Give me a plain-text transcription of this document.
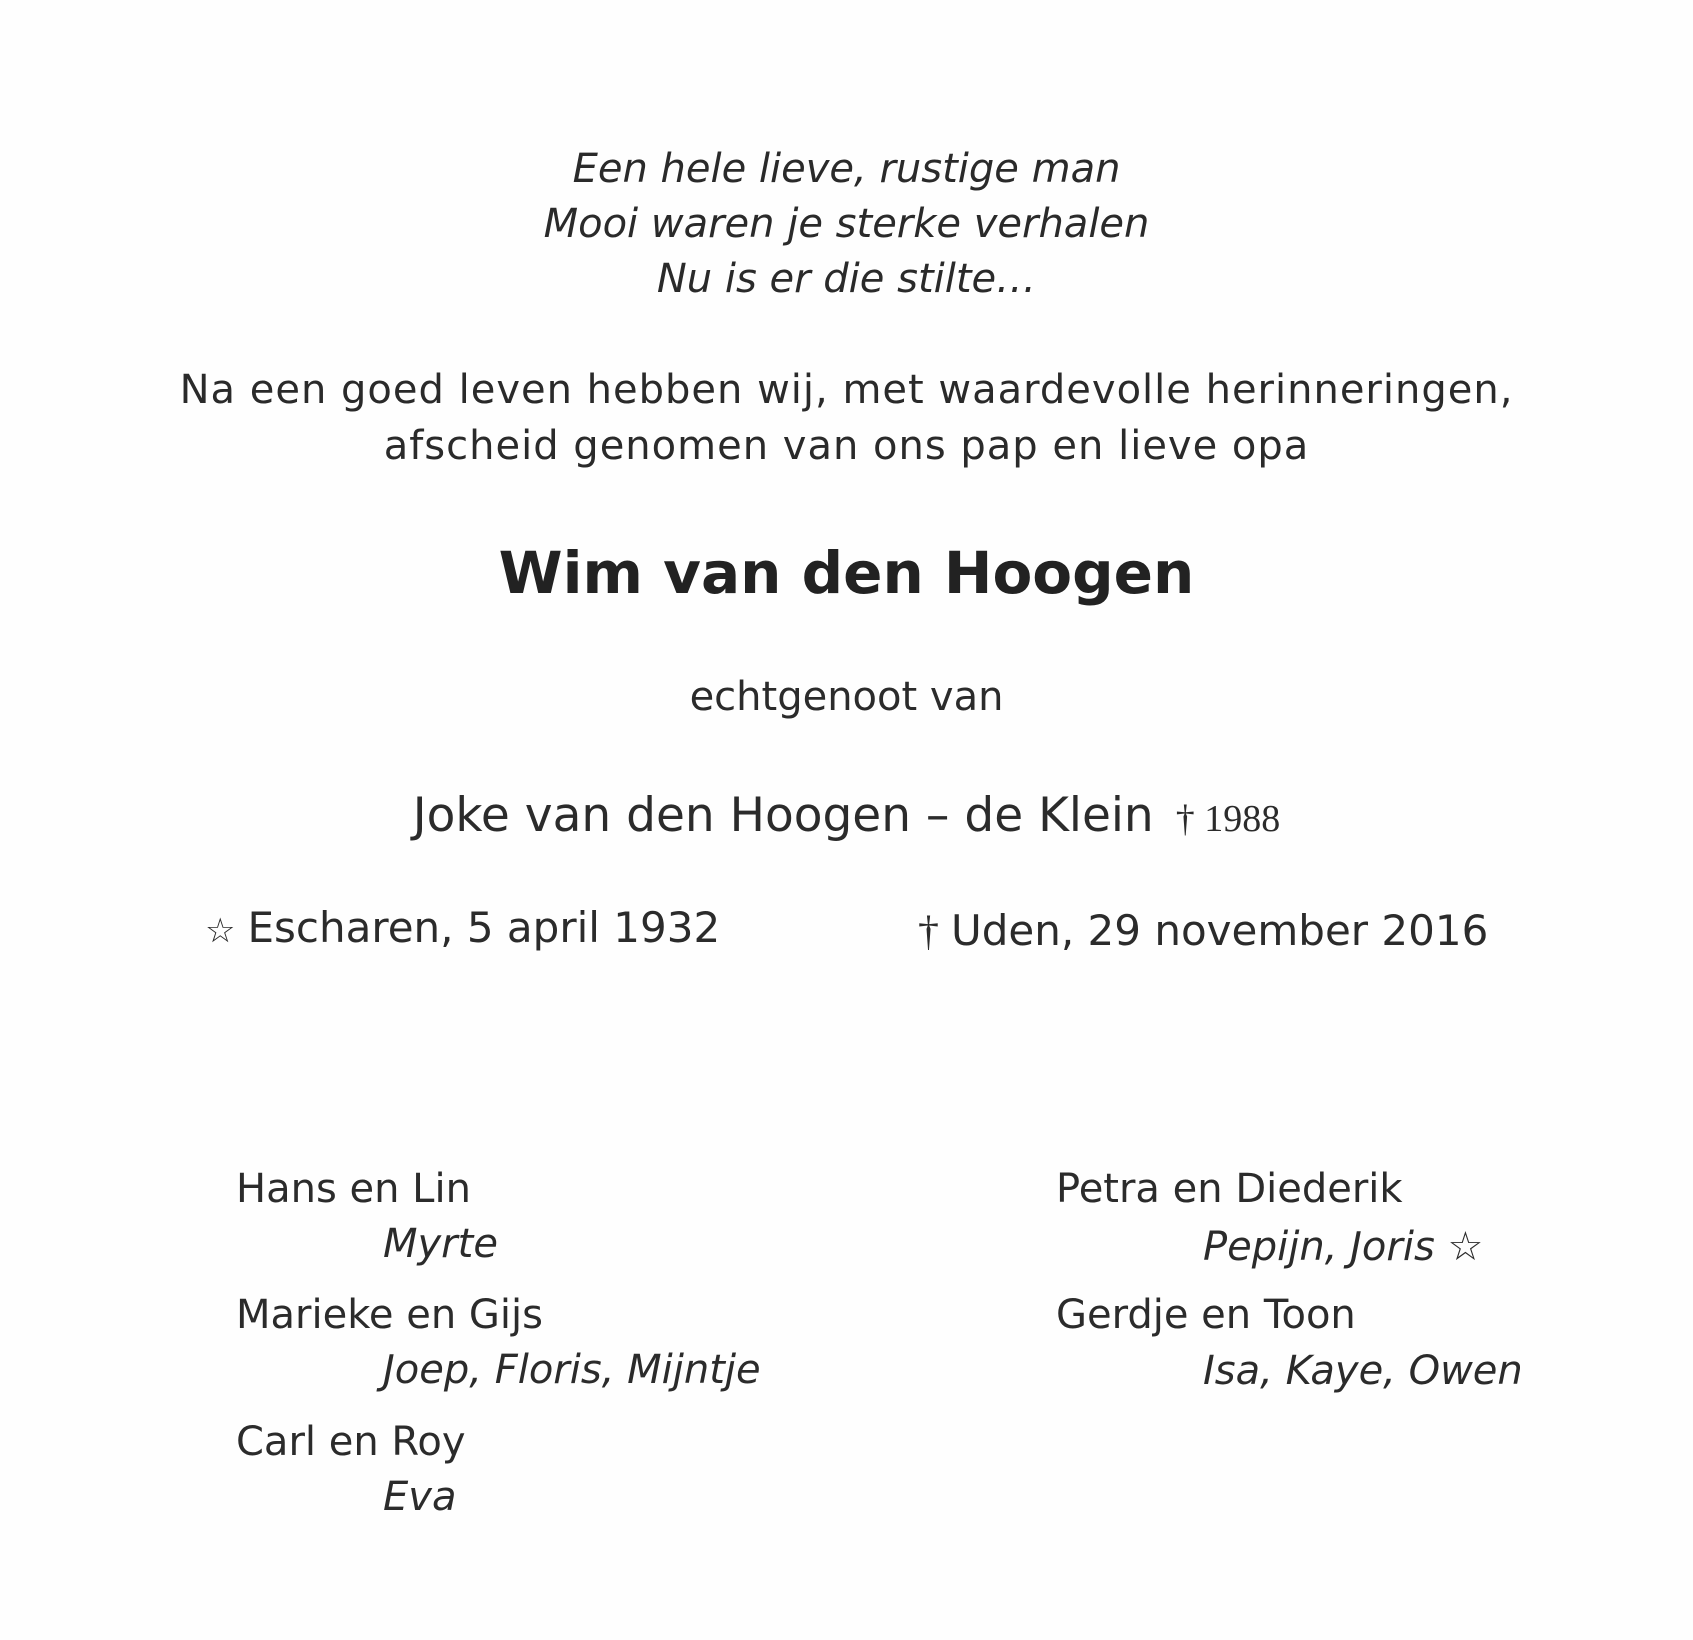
Een hele lieve, rustige man
Mooi waren je sterke verhalen
Nu is er die stilte…
Na een goed leven hebben wij, met waardevolle herinneringen,
afscheid genomen van ons pap en lieve opa
Wim van den Hoogen
echtgenoot van
Joke van den Hoogen – de Klein † 1988
☆ Escharen, 5 april 1932	† Uden, 29 november 2016
Hans en Lin
Myrte
Marieke en Gijs
Joep, Floris, Mijntje
Carl en Roy
Eva
Petra en Diederik
Pepijn, Joris ☆
Gerdje en Toon
Isa, Kaye, Owen
